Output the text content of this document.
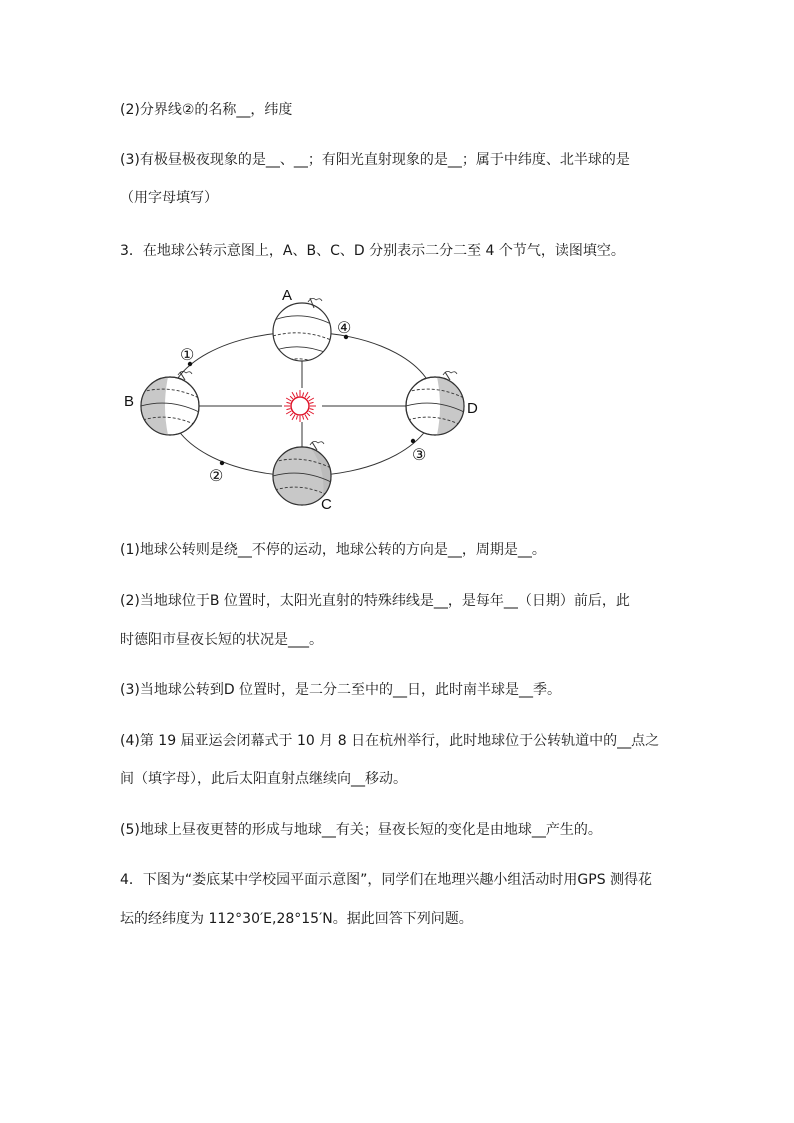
(2)分界线②的名称__，纬度
(3)有极昼极夜现象的是__、__；有阳光直射现象的是__；属于中纬度、北半球的是
（用字母填写）
3．在地球公转示意图上，A、B、C、D 分别表示二分二至 4 个节气，读图填空。
①
②
③
④
A
B
C
D
(1)地球公转则是绕__不停的运动，地球公转的方向是__，周期是__。
(2)当地球位于B 位置时，太阳光直射的特殊纬线是__，是每年__（日期）前后，此
时德阳市昼夜长短的状况是___。
(3)当地球公转到D 位置时，是二分二至中的__日，此时南半球是__季。
(4)第 19 届亚运会闭幕式于 10 月 8 日在杭州举行，此时地球位于公转轨道中的__点之
间（填字母），此后太阳直射点继续向__移动。
(5)地球上昼夜更替的形成与地球__有关；昼夜长短的变化是由地球__产生的。
4．下图为“娄底某中学校园平面示意图”，同学们在地理兴趣小组活动时用GPS 测得花
坛的经纬度为 112°30′E,28°15′N。据此回答下列问题。
